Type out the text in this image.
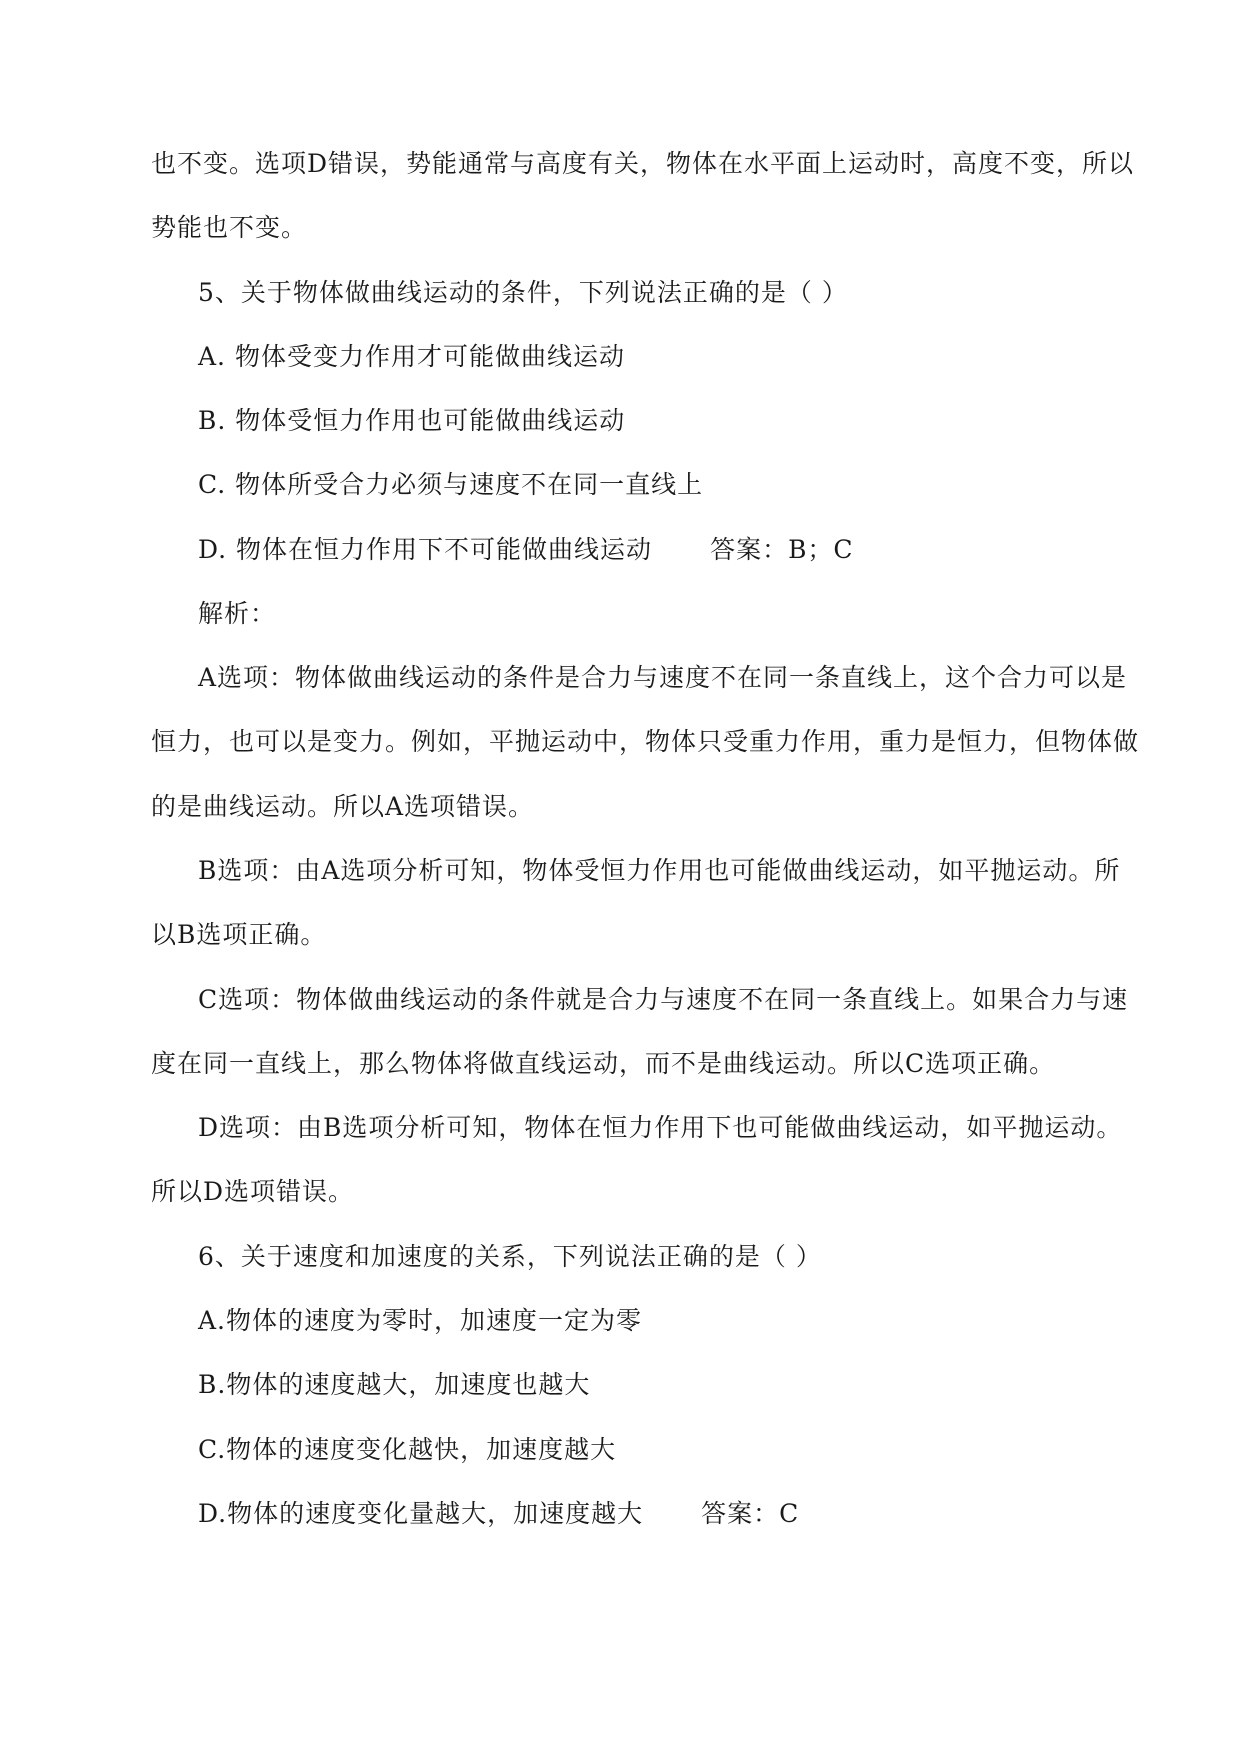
也不变。选项D错误，势能通常与高度有关，物体在水平面上运动时，高度不变，所以
势能也不变。
5、关于物体做曲线运动的条件，下列说法正确的是（ ）
A. 物体受变力作用才可能做曲线运动
B. 物体受恒力作用也可能做曲线运动
C. 物体所受合力必须与速度不在同一直线上
D. 物体在恒力作用下不可能做曲线运动 答案：B；C
解析：
A选项：物体做曲线运动的条件是合力与速度不在同一条直线上，这个合力可以是
恒力，也可以是变力。例如，平抛运动中，物体只受重力作用，重力是恒力，但物体做
的是曲线运动。所以A选项错误。
B选项：由A选项分析可知，物体受恒力作用也可能做曲线运动，如平抛运动。所
以B选项正确。
C选项：物体做曲线运动的条件就是合力与速度不在同一条直线上。如果合力与速
度在同一直线上，那么物体将做直线运动，而不是曲线运动。所以C选项正确。
D选项：由B选项分析可知，物体在恒力作用下也可能做曲线运动，如平抛运动。
所以D选项错误。
6、关于速度和加速度的关系，下列说法正确的是（ ）
A.物体的速度为零时，加速度一定为零
B.物体的速度越大，加速度也越大
C.物体的速度变化越快，加速度越大
D.物体的速度变化量越大，加速度越大 答案：C
